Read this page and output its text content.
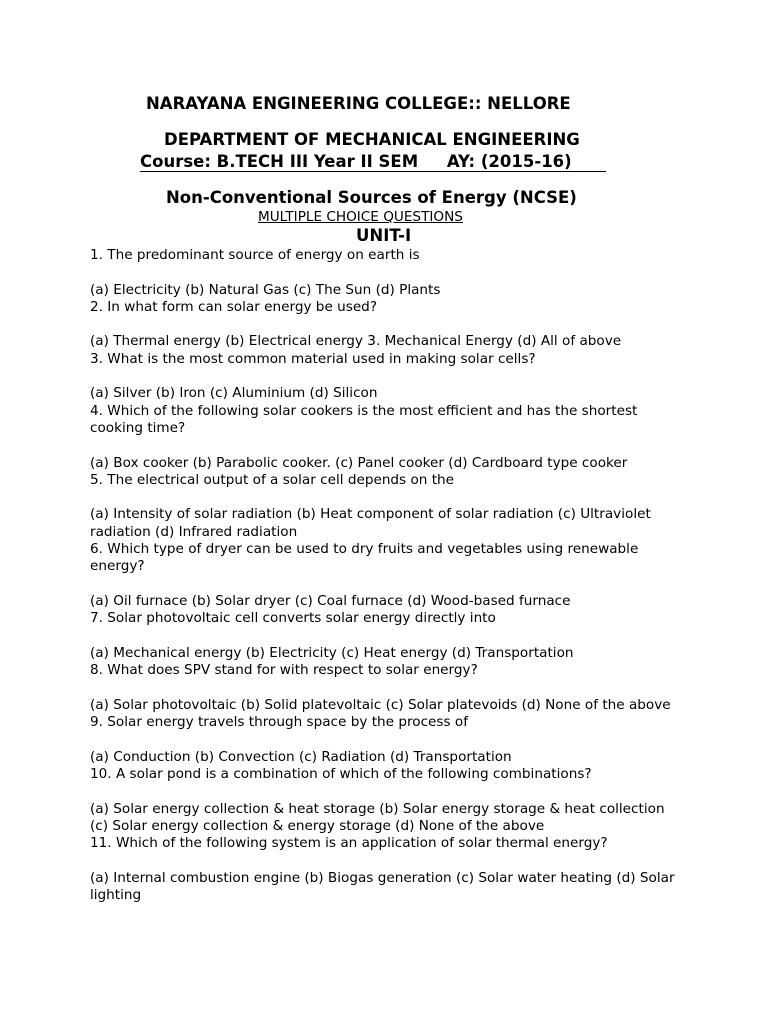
NARAYANA ENGINEERING COLLEGE:: NELLORE
DEPARTMENT OF MECHANICAL ENGINEERING
Course: B.TECH III Year II SEM     AY: (2015-16)
Non-Conventional Sources of Energy (NCSE)
MULTIPLE CHOICE QUESTIONS
UNIT-I

1. The predominant source of energy on earth is

(a) Electricity (b) Natural Gas (c) The Sun (d) Plants

2. In what form can solar energy be used?

(a) Thermal energy (b) Electrical energy 3. Mechanical Energy (d) All of above

3. What is the most common material used in making solar cells?

(a) Silver (b) Iron (c) Aluminium (d) Silicon

4. Which of the following solar cookers is the most efficient and has the shortest cooking time?

(a) Box cooker (b) Parabolic cooker. (c) Panel cooker (d) Cardboard type cooker

5. The electrical output of a solar cell depends on the

(a) Intensity of solar radiation (b) Heat component of solar radiation (c) Ultraviolet radiation (d) Infrared radiation

6. Which type of dryer can be used to dry fruits and vegetables using renewable energy?

(a) Oil furnace (b) Solar dryer (c) Coal furnace (d) Wood-based furnace

7. Solar photovoltaic cell converts solar energy directly into

(a) Mechanical energy (b) Electricity (c) Heat energy (d) Transportation

8. What does SPV stand for with respect to solar energy?

(a) Solar photovoltaic (b) Solid platevoltaic (c) Solar platevoids (d) None of the above

9. Solar energy travels through space by the process of

(a) Conduction (b) Convection (c) Radiation (d) Transportation

10. A solar pond is a combination of which of the following combinations?

(a) Solar energy collection & heat storage (b) Solar energy storage & heat collection (c) Solar energy collection & energy storage (d) None of the above

11. Which of the following system is an application of solar thermal energy?

(a) Internal combustion engine (b) Biogas generation (c) Solar water heating (d) Solar lighting
